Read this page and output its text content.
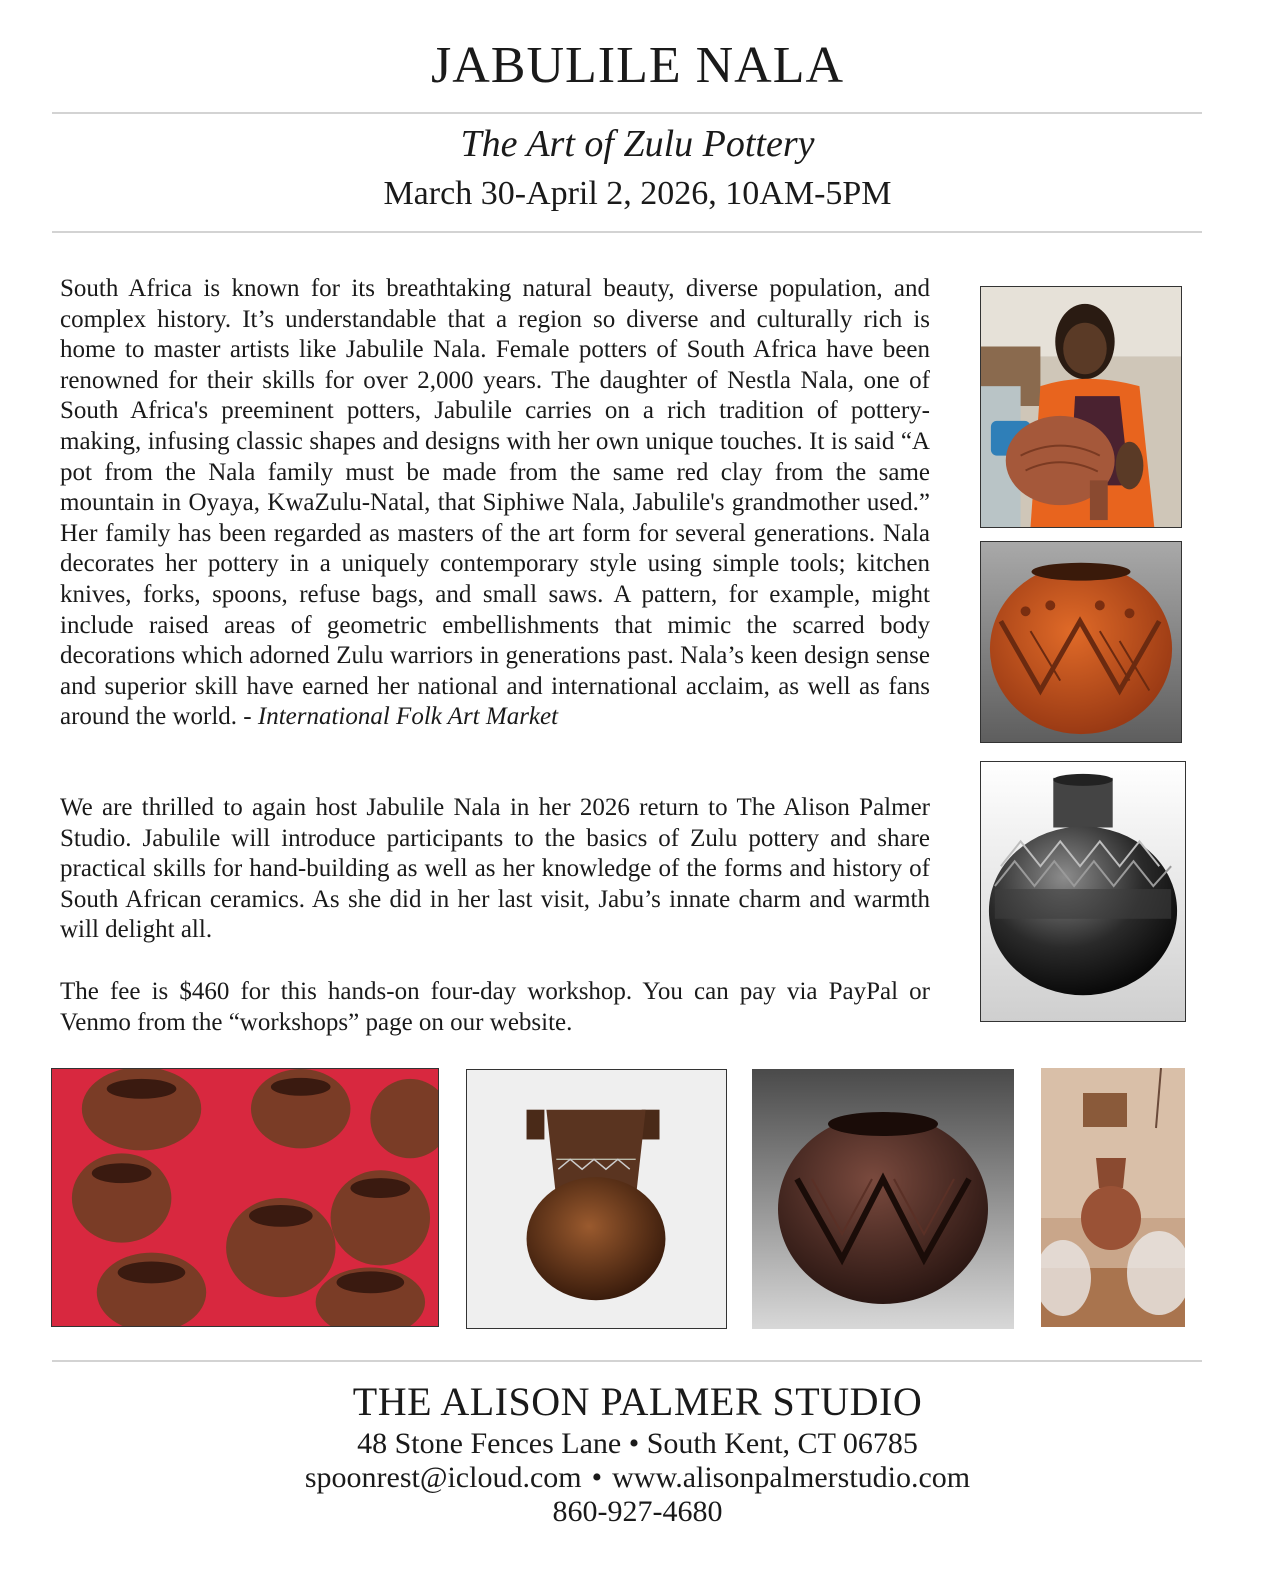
JABULILE NALA
The Art of Zulu Pottery
March 30-April 2, 2026, 10AM-5PM

South Africa is known for its breathtaking natural beauty, diverse population, and complex history. It’s understandable that a region so diverse and culturally rich is home to master artists like Jabulile Nala. Female potters of South Africa have been renowned for their skills for over 2,000 years. The daughter of Nestla Nala, one of South Africa's preeminent potters, Jabulile carries on a rich tradition of pottery-making, infusing classic shapes and designs with her own unique touches. It is said “A pot from the Nala family must be made from the same red clay from the same mountain in Oyaya, KwaZulu-Natal, that Siphiwe Nala, Jabulile's grandmother used.” Her family has been regarded as masters of the art form for several generations. Nala decorates her pottery in a uniquely contemporary style using simple tools; kitchen knives, forks, spoons, refuse bags, and small saws. A pattern, for example, might include raised areas of geometric embellishments that mimic the scarred body decorations which adorned Zulu warriors in generations past. Nala’s keen design sense and superior skill have earned her national and international acclaim, as well as fans around the world. - International Folk Art Market

We are thrilled to again host Jabulile Nala in her 2026 return to The Alison Palmer Studio. Jabulile will introduce participants to the basics of Zulu pottery and share practical skills for hand-building as well as her knowledge of the forms and history of South African ceramics. As she did in her last visit, Jabu’s innate charm and warmth will delight all.

The fee is $460 for this hands-on four-day workshop. You can pay via PayPal or Venmo from the “workshops” page on our website.

THE ALISON PALMER STUDIO
48 Stone Fences Lane • South Kent, CT 06785
spoonrest@icloud.com • www.alisonpalmerstudio.com
860-927-4680
